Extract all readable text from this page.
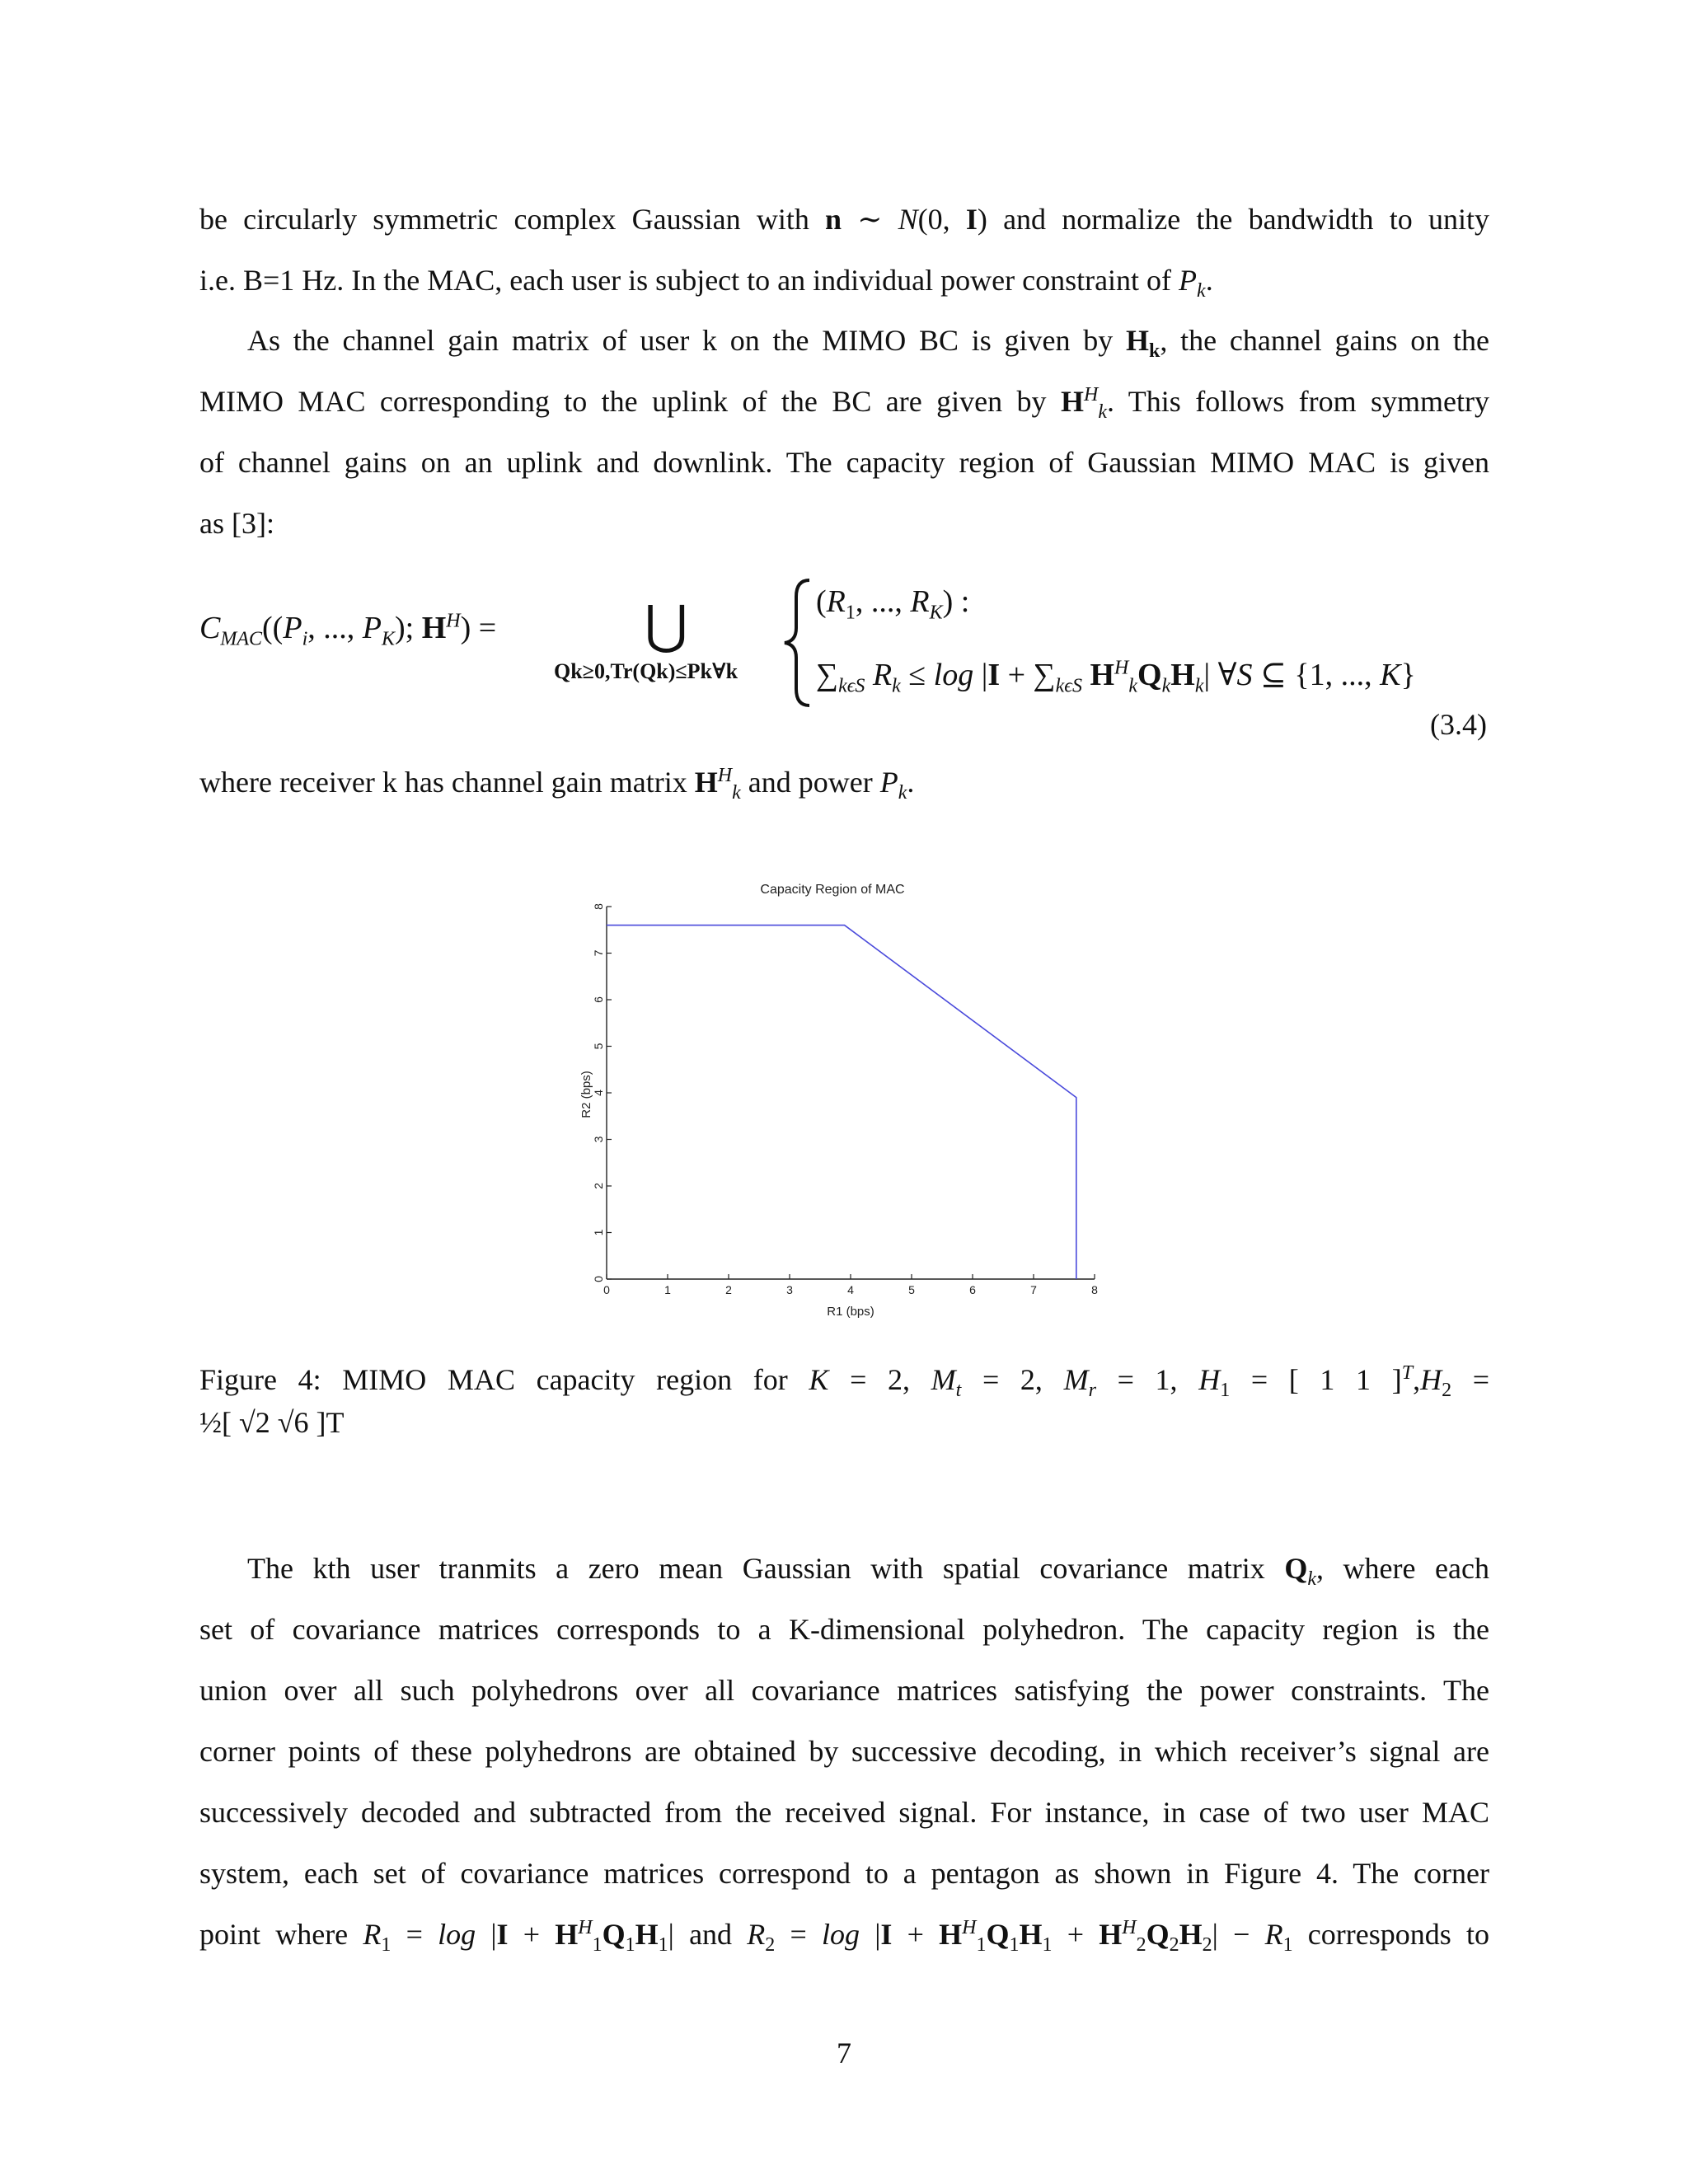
be circularly symmetric complex Gaussian with n ∼ N(0, I) and normalize the bandwidth to unity
i.e. B=1 Hz. In the MAC, each user is subject to an individual power constraint of $P_k$.
As the channel gain matrix of user k on the MIMO BC is given by $H_k$, the channel gains on the
MIMO MAC corresponding to the uplink of the BC are given by $H^H_k$. This follows from symmetry
of channel gains on an uplink and downlink. The capacity region of Gaussian MIMO MAC is given
as [3]:
$C_{MAC}((P_i$, ..., $P_K$); $H^H$) =	⋃
Qk≥0,Tr(Qk)≤Pk∀k
($R_1$, ..., $R_K$) :
$\sum_{k\epsilon S}$ $R_k \le \log |I + \sum_{k\epsilon S}$ $H^H_kQ_kH_k|$ ∀S ⊆ {1, ..., K}
(3.4)
where receiver k has channel gain matrix $H^H_k$ and power $P_k$.
Capacity Region of MAC
0	1	2	3	4	5	6	7	8
0
1
2
3
4
5
6
7
8
R1 (bps)
R2 (bps)
Figure 4: MIMO MAC capacity region for K = 2, $M_t = 2$, $M_r = 1$, $H_1$ = [ 1 1 ]$^T,H_2$ =
½[ √2 √6 ]T
The kth user tranmits a zero mean Gaussian with spatial covariance matrix $Q_k$, where each
set of covariance matrices corresponds to a K-dimensional polyhedron. The capacity region is the
union over all such polyhedrons over all covariance matrices satisfying the power constraints. The
corner points of these polyhedrons are obtained by successive decoding, in which receiver’s signal are
successively decoded and subtracted from the received signal. For instance, in case of two user MAC
system, each set of covariance matrices correspond to a pentagon as shown in Figure 4. The corner
point where $R_1 = \log |I + H^H_1Q_1H_1|$ and $R_2 = \log |I + H^H_1Q_1H_1 + H^H_2Q_2H_2| - R_1$ corresponds to
7
